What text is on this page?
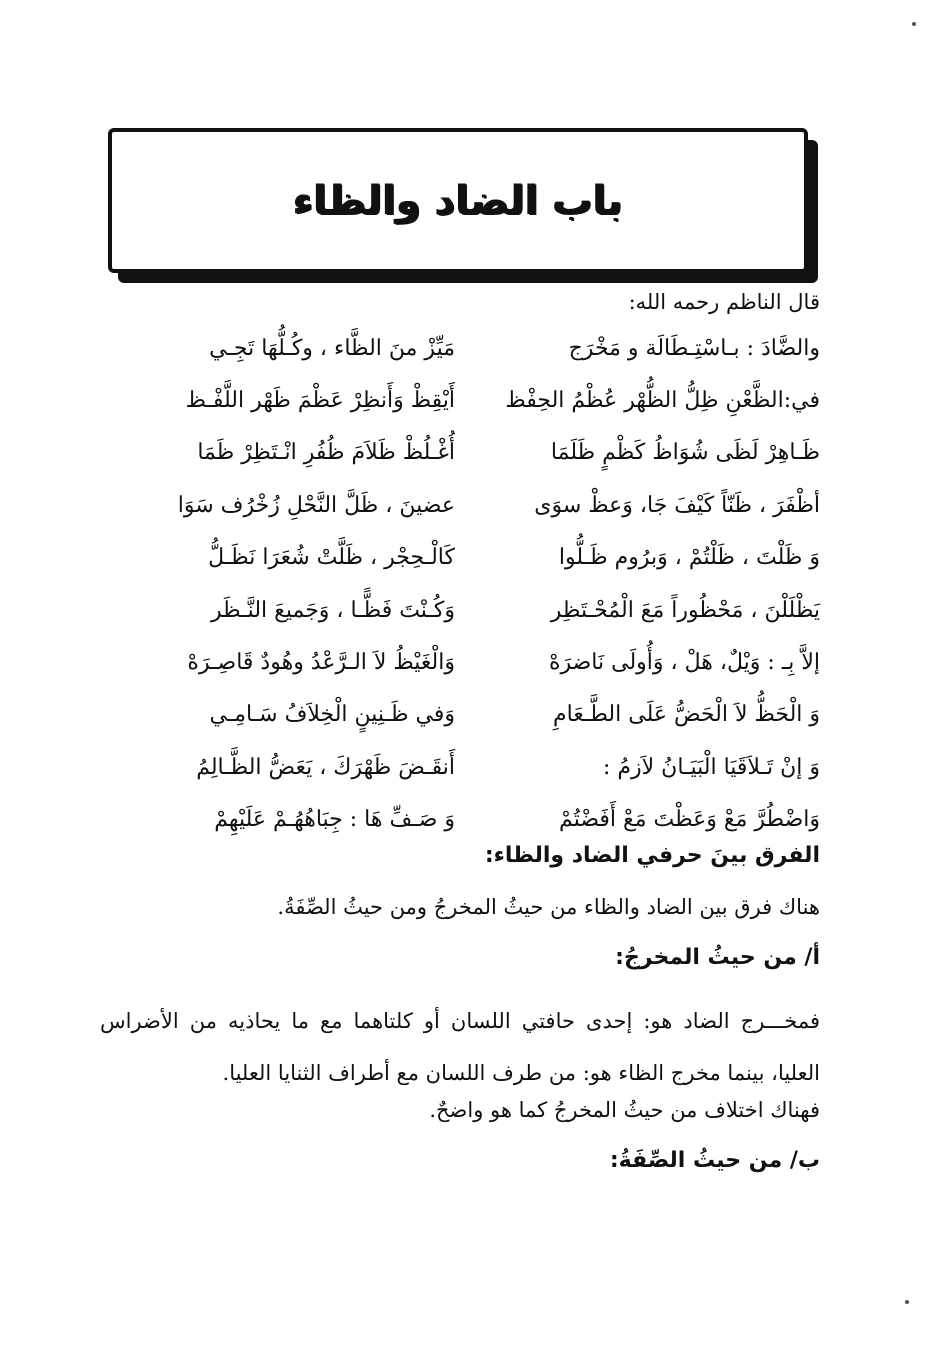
باب الضاد والظاء
قال الناظم رحمه الله:
والضَّادَ : بـاسْتِـطَالَة و مَخْرَج
مَيِّزْ منَ الظَّاء ، وكُـلُّهَا تَجِـي
في:الظَّعْنِ ظِلُّ الظُّهْر عُظْمُ الحِفْظ
أَيْقِظْ وَأَنظِرْ عَظْمَ ظَهْر اللَّفْـظ
ظَـاهِرْ لَظَى شُوَاظُ كَظْمٍ ظَلَمَا
أُغْـلُظْ ظَلاَمَ ظُفُرِ انْـتَظِرْ ظَمَا
أظْفَرَ ، ظَنّاً كَيْفَ جَا، وَعظْ سوَى
عضينَ ، ظَلَّ النَّحْلِ زُخْرُف سَوَا
وَ ظَلْتَ ، ظَلْتُمْ ، وَبرُوم ظَـلُّوا
كَالْـحِجْر ، ظَلَّتْ شُعَرَا نَظَـلُّ
يَظْلَلْنَ ، مَحْظُوراً مَعَ الْمُحْـتَظِر
وَكُـنْتَ فَظًّـا ، وَجَميعَ النَّـظَر
إلاَّ بِـ : وَيْلٌ، هَلْ ، وَأُولَى نَاضرَهْ
وَالْغَيْظُ لاَ الـرَّعْدُ وهُودٌ قَاصِـرَهْ
وَ الْحَظُّ لاَ الْحَضُّ عَلَى الطَّـعَامِ
وَفي ظَـنِينٍ الْخِلاَفُ سَـامِـي
وَ إنْ تَـلاَقَيَا الْبَيَـانُ لاَزمُ :
أَنقَـضَ ظَهْرَكَ ، يَعَضُّ الظَّـالِمُ
وَاضْطُرَّ مَعْ وَعَظْتَ مَعْ أَفَضْتُمْ
وَ صَـفِّ هَا : جِبَاهُهُـمْ عَلَيْهِمْ
الفرق بينَ حرفي الضاد والظاء:
هناك فرق بين الضاد والظاء من حيثُ المخرجُ ومن حيثُ الصِّفَةُ.
أ/ من حيثُ المخرجُ:
فمخـــرج الضاد هو: إحدى حافتي اللسان أو كلتاهما مع ما يحاذيه من الأضراس العليا، بينما مخرج الظاء هو: من طرف اللسان مع أطراف الثنايا العليا.
فهناك اختلاف من حيثُ المخرجُ كما هو واضحٌ.
ب/ من حيثُ الصِّفَةُ:
